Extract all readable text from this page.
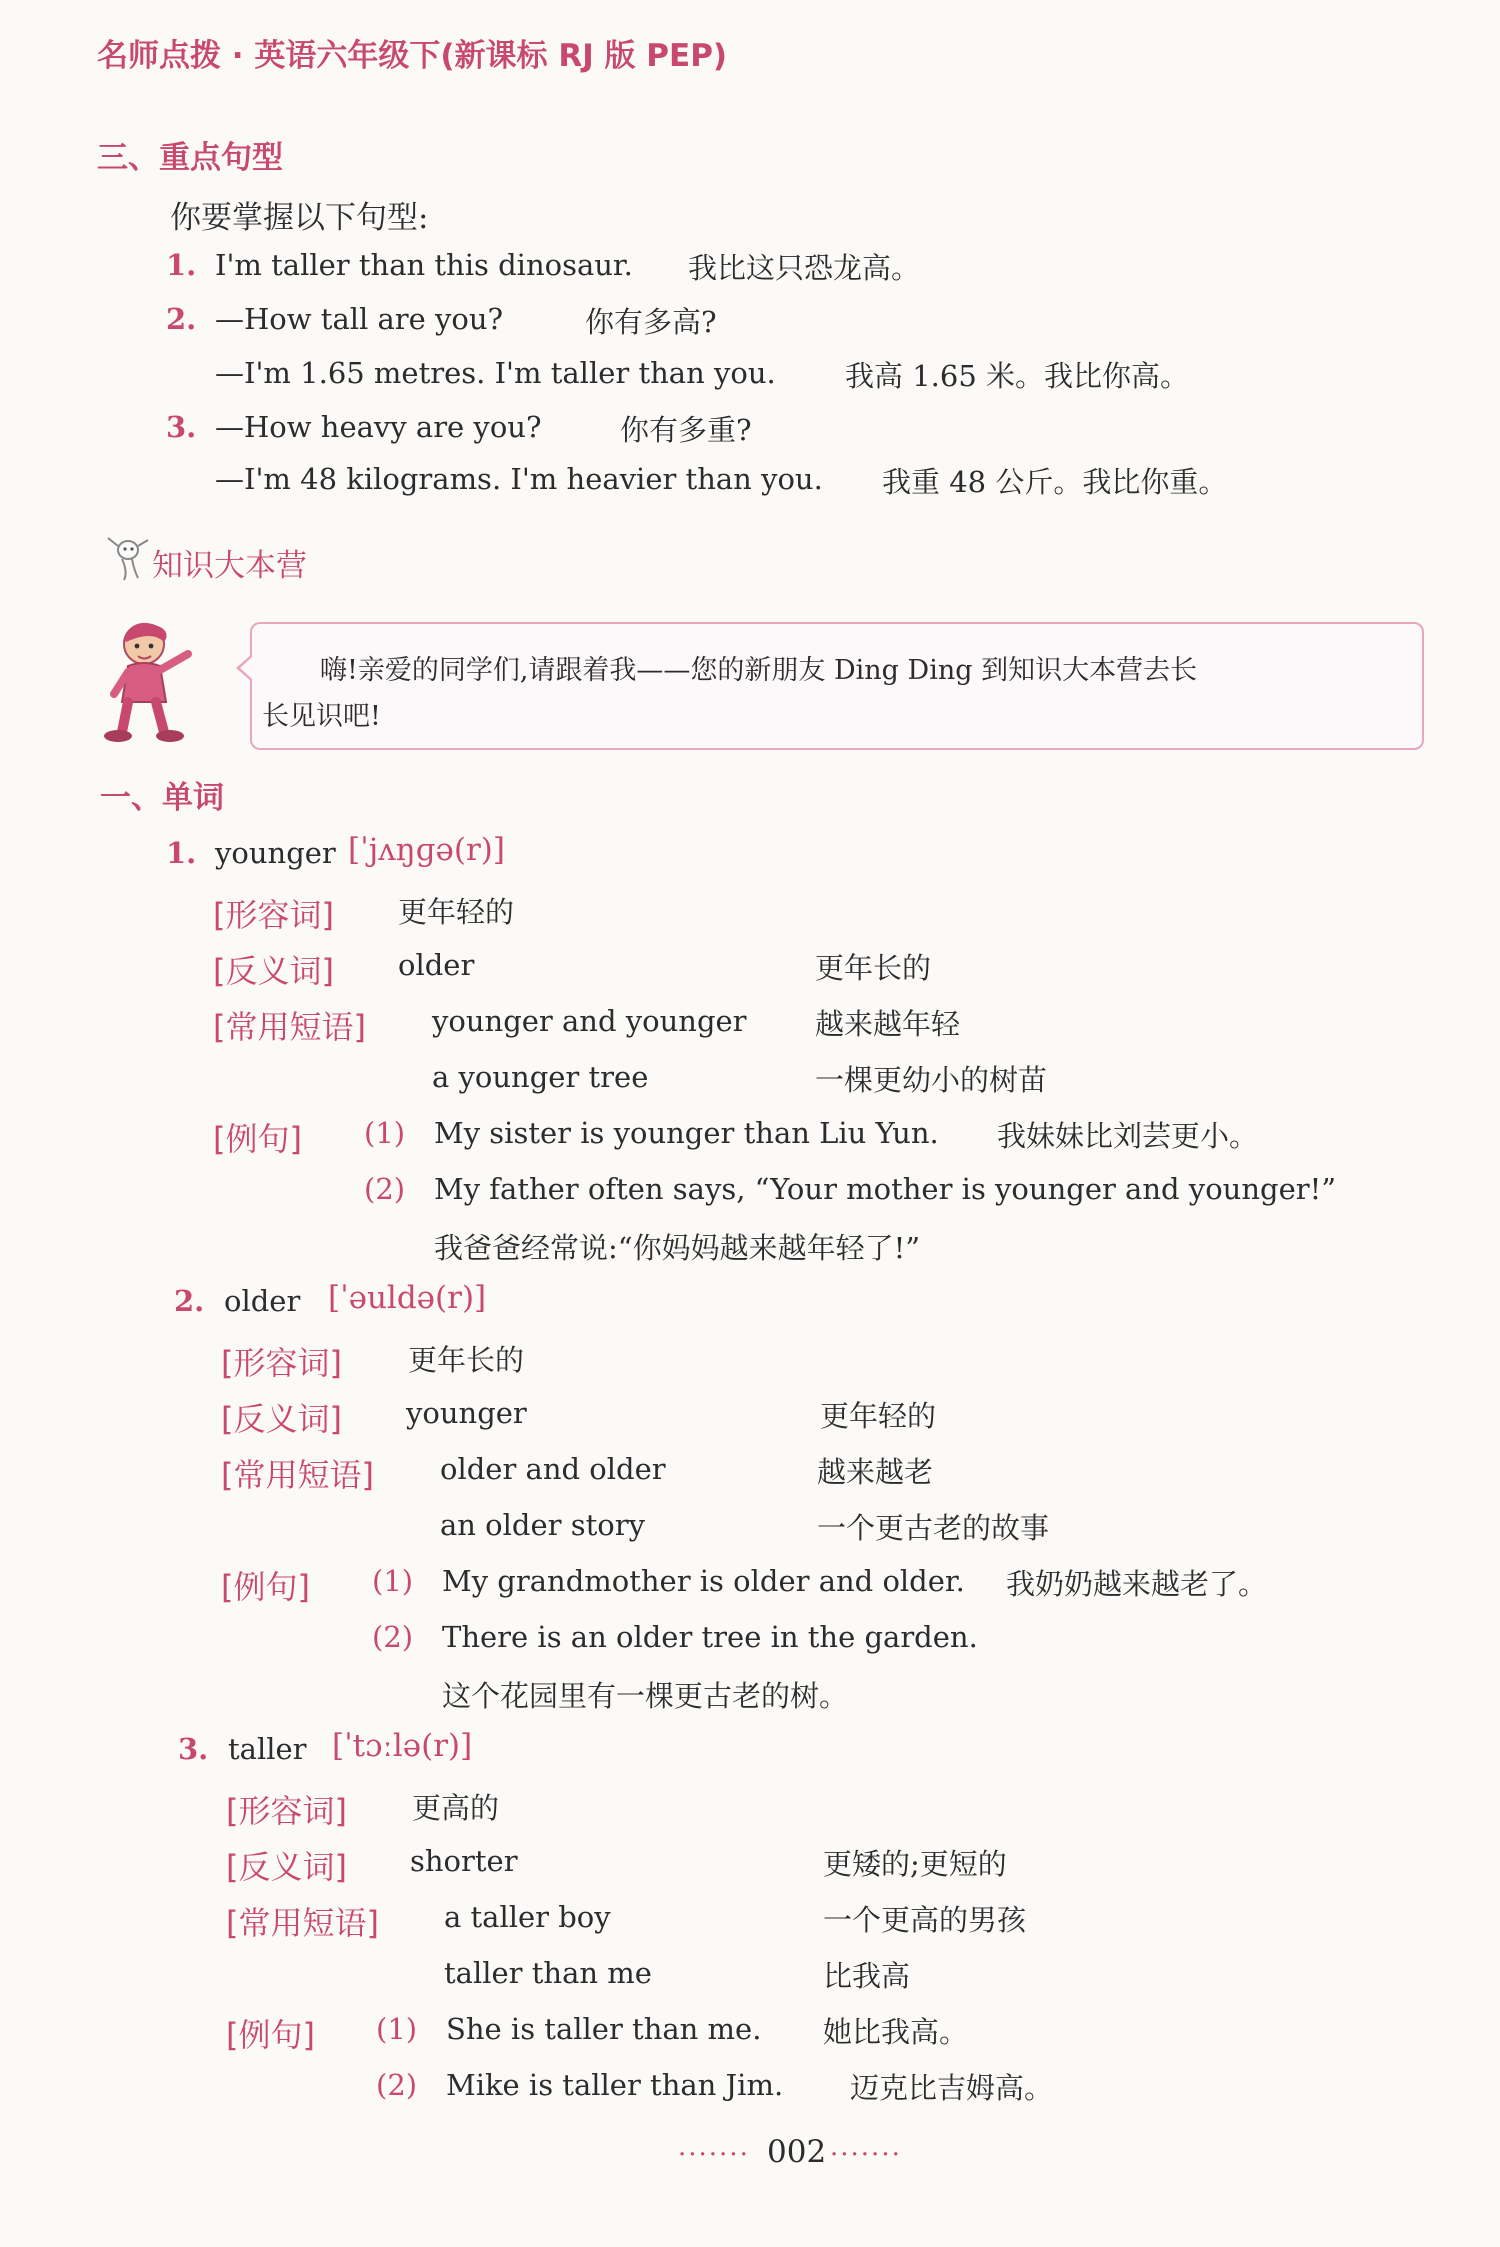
名师点拨 · 英语六年级下(新课标 RJ 版 PEP)
三、重点句型
你要掌握以下句型:
1. I'm taller than this dinosaur. 我比这只恐龙高。
2. —How tall are you?	你有多高?
—I'm 1.65 metres. I'm taller than you. 我高 1.65 米。我比你高。
3. —How heavy are you?	你有多重?
—I'm 48 kilograms. I'm heavier than you. 我重 48 公斤。我比你重。
知识大本营
嗨!亲爱的同学们,请跟着我——您的新朋友 Ding Ding 到知识大本营去长
长见识吧!
一、单词
1. younger [ˈjʌŋɡə(r)]
[形容词] 更年轻的
[反义词] older	更年长的
[常用短语] younger and younger 越来越年轻
a younger tree	一棵更幼小的树苗
[例句] (1) My sister is younger than Liu Yun. 我妹妹比刘芸更小。
(2) My father often says, “Your mother is younger and younger!”
我爸爸经常说:“你妈妈越来越年轻了!”
2. older [ˈəuldə(r)]
[形容词] 更年长的
[反义词] younger	更年轻的
[常用短语] older and older	越来越老
an older story	一个更古老的故事
[例句] (1) My grandmother is older and older. 我奶奶越来越老了。
(2) There is an older tree in the garden.
这个花园里有一棵更古老的树。
3. taller [ˈtɔːlə(r)]
[形容词] 更高的
[反义词] shorter	更矮的;更短的
[常用短语] a taller boy	一个更高的男孩
taller than me	比我高
[例句] (1) She is taller than me. 她比我高。
(2) Mike is taller than Jim. 迈克比吉姆高。
······· 002 ·······
